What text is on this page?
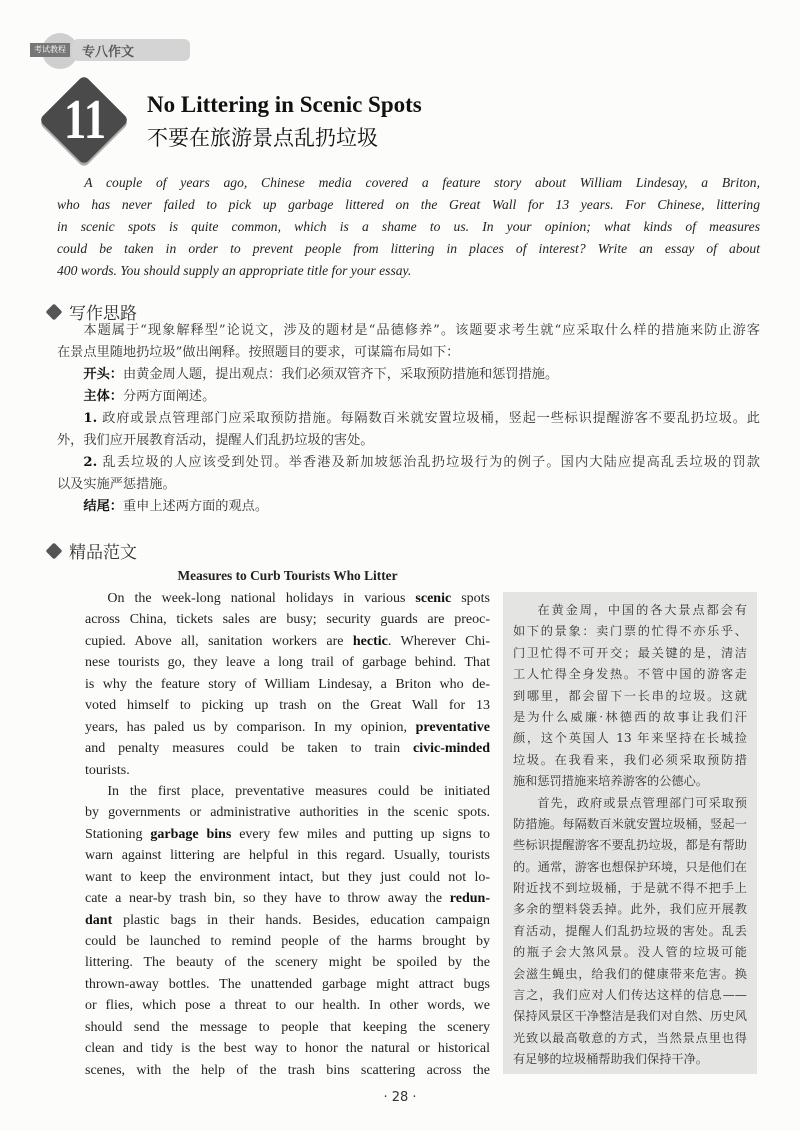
考试教程	专八作文
11	No Littering in Scenic Spots
不要在旅游景点乱扔垃圾
A couple of years ago, Chinese media covered a feature story about William Lindesay, a Briton,
who has never failed to pick up garbage littered on the Great Wall for 13 years. For Chinese, littering
in scenic spots is quite common, which is a shame to us. In your opinion; what kinds of measures
could be taken in order to prevent people from littering in places of interest? Write an essay of about
400 words. You should supply an appropriate title for your essay.
写作思路
本题属于“现象解释型”论说文，涉及的题材是“品德修养”。该题要求考生就“应采取什么样的措施来防止游客
在景点里随地扔垃圾”做出阐释。按照题目的要求，可谋篇布局如下：
开头：由黄金周人题，提出观点：我们必须双管齐下，采取预防措施和惩罚措施。
主体：分两方面阐述。
1. 政府或景点管理部门应采取预防措施。每隔数百米就安置垃圾桶，竖起一些标识提醒游客不要乱扔垃圾。此
外，我们应开展教育活动，提醒人们乱扔垃圾的害处。
2. 乱丢垃圾的人应该受到处罚。举香港及新加坡惩治乱扔垃圾行为的例子。国内大陆应提高乱丢垃圾的罚款
以及实施严惩措施。
结尾：重申上述两方面的观点。
精品范文
Measures to Curb Tourists Who Litter
On the week-long national holidays in various scenic spots
across China, tickets sales are busy; security guards are preoc-
cupied. Above all, sanitation workers are hectic. Wherever Chi-
nese tourists go, they leave a long trail of garbage behind. That
is why the feature story of William Lindesay, a Briton who de-
voted himself to picking up trash on the Great Wall for 13
years, has paled us by comparison. In my opinion, preventative
and penalty measures could be taken to train civic-minded
tourists.
In the first place, preventative measures could be initiated
by governments or administrative authorities in the scenic spots.
Stationing garbage bins every few miles and putting up signs to
warn against littering are helpful in this regard. Usually, tourists
want to keep the environment intact, but they just could not lo-
cate a near-by trash bin, so they have to throw away the redun-
dant plastic bags in their hands. Besides, education campaign
could be launched to remind people of the harms brought by
littering. The beauty of the scenery might be spoiled by the
thrown-away bottles. The unattended garbage might attract bugs
or flies, which pose a threat to our health. In other words, we
should send the message to people that keeping the scenery
clean and tidy is the best way to honor the natural or historical
scenes, with the help of the trash bins scattering across the
在黄金周，中国的各大景点都会有
如下的景象：卖门票的忙得不亦乐乎、
门卫忙得不可开交；最关键的是，清洁
工人忙得全身发热。不管中国的游客走
到哪里，都会留下一长串的垃圾。这就
是为什么威廉·林德西的故事让我们汗
颜，这个英国人 13 年来坚持在长城捡
垃圾。在我看来，我们必须采取预防措
施和惩罚措施来培养游客的公德心。
首先，政府或景点管理部门可采取预
防措施。每隔数百米就安置垃圾桶，竖起一
些标识提醒游客不要乱扔垃圾，都是有帮助
的。通常，游客也想保护环境，只是他们在
附近找不到垃圾桶，于是就不得不把手上
多余的塑料袋丢掉。此外，我们应开展教
育活动，提醒人们乱扔垃圾的害处。乱丢
的瓶子会大煞风景。没人管的垃圾可能
会滋生蝇虫，给我们的健康带来危害。换
言之，我们应对人们传达这样的信息——
保持风景区干净整洁是我们对自然、历史风
光致以最高敬意的方式，当然景点里也得
有足够的垃圾桶帮助我们保持干净。
· 28 ·
